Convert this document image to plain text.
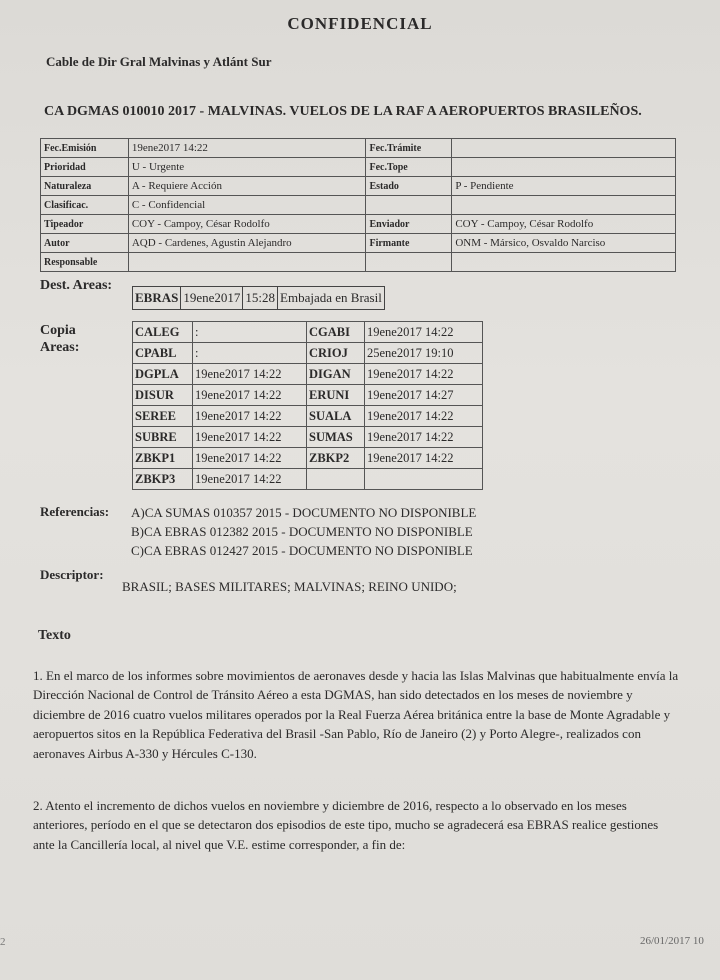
CONFIDENCIAL
Cable de Dir Gral Malvinas y Atlánt Sur
CA DGMAS 010010 2017 - MALVINAS. VUELOS DE LA RAF A AEROPUERTOS BRASILEÑOS.
Fec.Emisión	19ene2017 14:22	Fec.Trámite	
Prioridad	U - Urgente	Fec.Tope	
Naturaleza	A - Requiere Acción	Estado	P - Pendiente
Clasificac.	C - Confidencial		
Tipeador	COY - Campoy, César Rodolfo	Enviador	COY - Campoy, César Rodolfo
Autor	AQD - Cardenes, Agustin Alejandro	Firmante	ONM - Mársico, Osvaldo Narciso
Responsable			
Dest. Areas:
EBRAS	19ene2017	15:28	Embajada en Brasil
Copia
Areas:
CALEG	:	CGABI	19ene2017 14:22
CPABL	:	CRIOJ	25ene2017 19:10
DGPLA	19ene2017 14:22	DIGAN	19ene2017 14:22
DISUR	19ene2017 14:22	ERUNI	19ene2017 14:27
SEREE	19ene2017 14:22	SUALA	19ene2017 14:22
SUBRE	19ene2017 14:22	SUMAS	19ene2017 14:22
ZBKP1	19ene2017 14:22	ZBKP2	19ene2017 14:22
ZBKP3	19ene2017 14:22		
Referencias: A)CA SUMAS 010357 2015 - DOCUMENTO NO DISPONIBLE
B)CA EBRAS 012382 2015 - DOCUMENTO NO DISPONIBLE
C)CA EBRAS 012427 2015 - DOCUMENTO NO DISPONIBLE
Descriptor:
BRASIL; BASES MILITARES; MALVINAS; REINO UNIDO;
Texto
1. En el marco de los informes sobre movimientos de aeronaves desde y hacia las Islas Malvinas que habitualmente envía la Dirección Nacional de Control de Tránsito Aéreo a esta DGMAS, han sido detectados en los meses de noviembre y diciembre de 2016 cuatro vuelos militares operados por la Real Fuerza Aérea británica entre la base de Monte Agradable y aeropuertos sitos en la República Federativa del Brasil -San Pablo, Río de Janeiro (2) y Porto Alegre-, realizados con aeronaves Airbus A-330 y Hércules C-130.
2. Atento el incremento de dichos vuelos en noviembre y diciembre de 2016, respecto a lo observado en los meses anteriores, período en el que se detectaron dos episodios de este tipo, mucho se agradecerá esa EBRAS realice gestiones ante la Cancillería local, al nivel que V.E. estime corresponder, a fin de:
2	26/01/2017 10
